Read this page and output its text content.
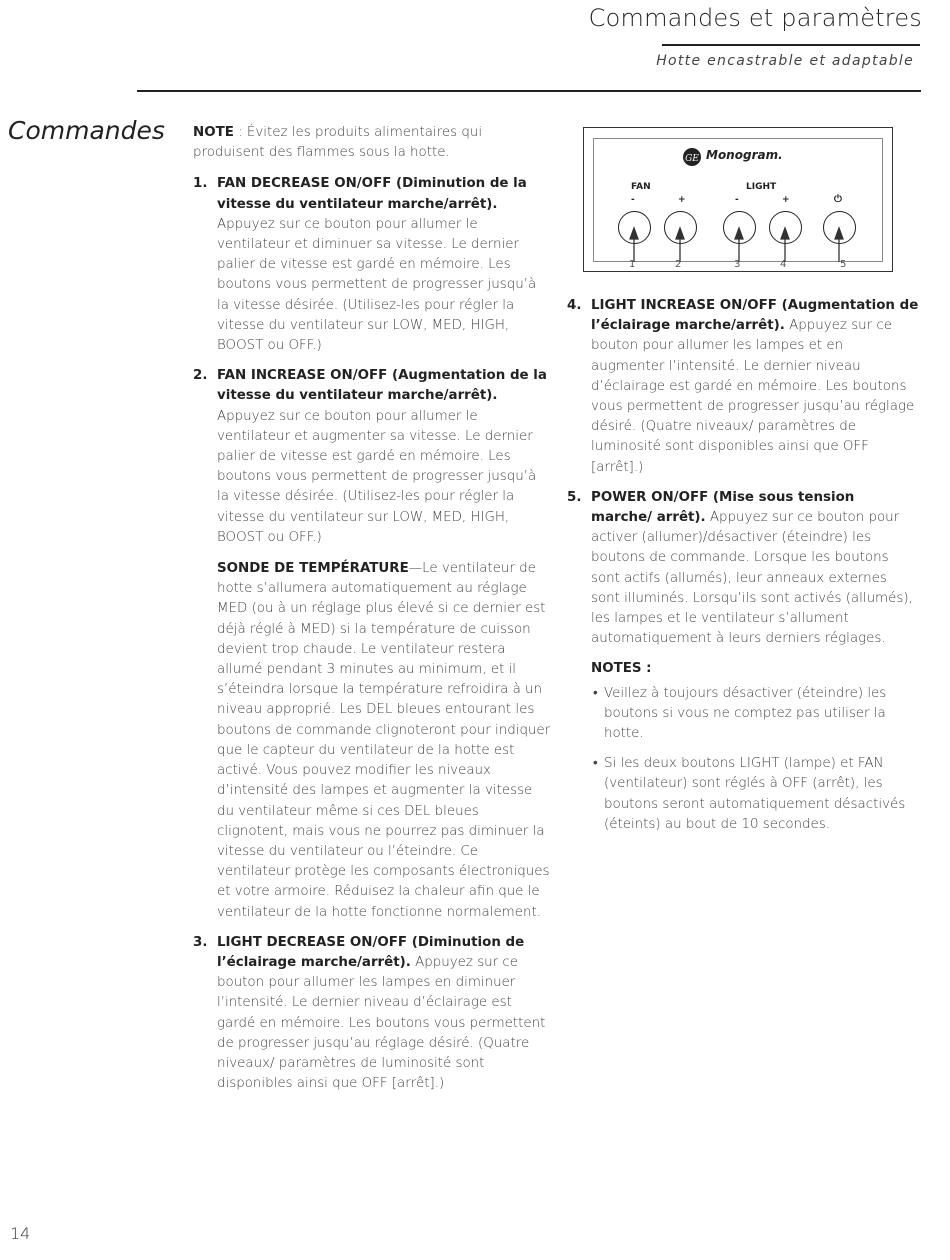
Commandes et paramètres
Hotte encastrable et adaptable
Commandes NOTE : Évitez les produits alimentaires qui produisent des flammes sous la hotte.

1. FAN DECREASE ON/OFF (Diminution de la vitesse du ventilateur marche/arrêt). Appuyez sur ce bouton pour allumer le ventilateur et diminuer sa vitesse. Le dernier palier de vitesse est gardé en mémoire. Les boutons vous permettent de progresser jusqu’à la vitesse désirée. (Utilisez-les pour régler la vitesse du ventilateur sur LOW, MED, HIGH, BOOST ou OFF.)
2. FAN INCREASE ON/OFF (Augmentation de la vitesse du ventilateur marche/arrêt). Appuyez sur ce bouton pour allumer le ventilateur et augmenter sa vitesse. Le dernier palier de vitesse est gardé en mémoire. Les boutons vous permettent de progresser jusqu’à la vitesse désirée. (Utilisez-les pour régler la vitesse du ventilateur sur LOW, MED, HIGH, BOOST ou OFF.)
SONDE DE TEMPÉRATURE—Le ventilateur de hotte s’allumera automatiquement au réglage MED (ou à un réglage plus élevé si ce dernier est déjà réglé à MED) si la température de cuisson devient trop chaude. Le ventilateur restera allumé pendant 3 minutes au minimum, et il s’éteindra lorsque la température refroidira à un niveau approprié. Les DEL bleues entourant les boutons de commande clignoteront pour indiquer que le capteur du ventilateur de la hotte est activé. Vous pouvez modifier les niveaux d’intensité des lampes et augmenter la vitesse du ventilateur même si ces DEL bleues clignotent, mais vous ne pourrez pas diminuer la vitesse du ventilateur ou l’éteindre. Ce ventilateur protège les composants électroniques et votre armoire. Réduisez la chaleur afin que le ventilateur de la hotte fonctionne normalement.
3. LIGHT DECREASE ON/OFF (Diminution de l’éclairage marche/arrêt). Appuyez sur ce bouton pour allumer les lampes en diminuer l’intensité. Le dernier niveau d’éclairage est gardé en mémoire. Les boutons vous permettent de progresser jusqu’au réglage désiré. (Quatre niveaux/ paramètres de luminosité sont disponibles ainsi que OFF [arrêt].)
GE Monogram.
FAN	LIGHT
-	+	-	+	⏻
1	2	3	4	5
4. LIGHT INCREASE ON/OFF (Augmentation de l’éclairage marche/arrêt). Appuyez sur ce bouton pour allumer les lampes et en augmenter l’intensité. Le dernier niveau d’éclairage est gardé en mémoire. Les boutons vous permettent de progresser jusqu’au réglage désiré. (Quatre niveaux/ paramètres de luminosité sont disponibles ainsi que OFF [arrêt].)
5. POWER ON/OFF (Mise sous tension marche/ arrêt). Appuyez sur ce bouton pour activer (allumer)/désactiver (éteindre) les boutons de commande. Lorsque les boutons sont actifs (allumés), leur anneaux externes sont illuminés. Lorsqu’ils sont activés (allumés), les lampes et le ventilateur s’allument automatiquement à leurs derniers réglages.

NOTES :

• Veillez à toujours désactiver (éteindre) les boutons si vous ne comptez pas utiliser la hotte.
• Si les deux boutons LIGHT (lampe) et FAN (ventilateur) sont réglés à OFF (arrêt), les boutons seront automatiquement désactivés (éteints) au bout de 10 secondes.
14
